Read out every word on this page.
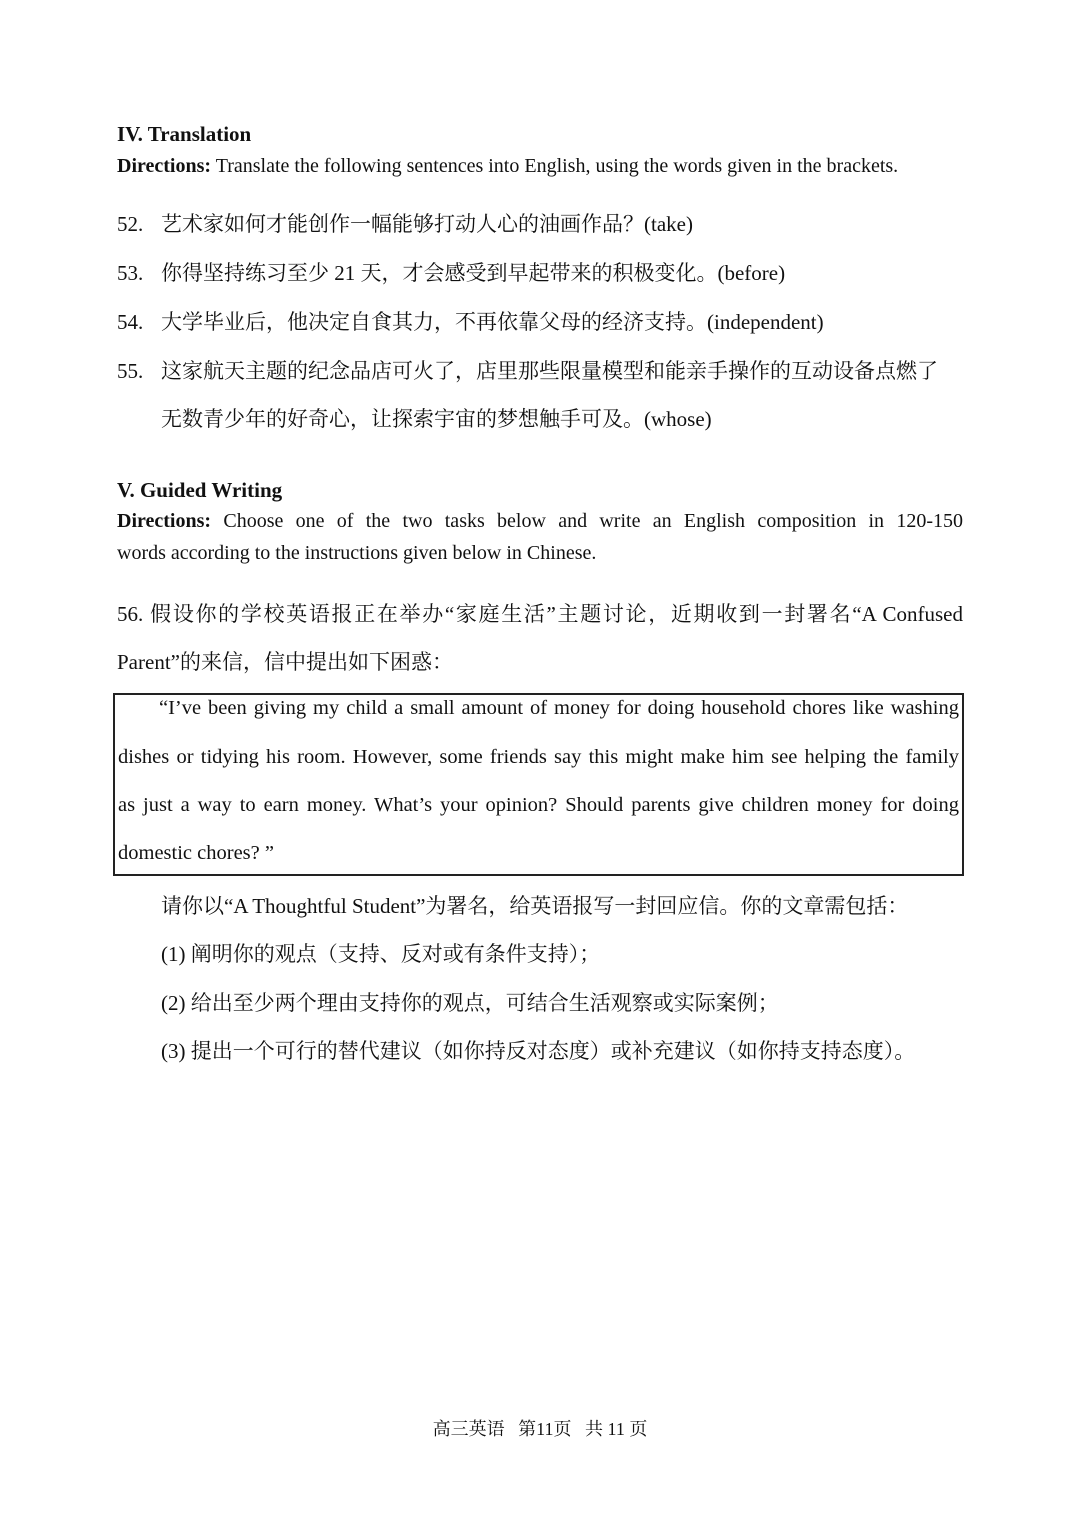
IV. Translation
Directions: Translate the following sentences into English, using the words given in the brackets.
52. 艺术家如何才能创作一幅能够打动人心的油画作品？(take)
53. 你得坚持练习至少 21 天，才会感受到早起带来的积极变化。(before)
54. 大学毕业后，他决定自食其力，不再依靠父母的经济支持。(independent)
55. 这家航天主题的纪念品店可火了，店里那些限量模型和能亲手操作的互动设备点燃了
无数青少年的好奇心，让探索宇宙的梦想触手可及。(whose)
V. Guided Writing
Directions: Choose one of the two tasks below and write an English composition in 120-150
words according to the instructions given below in Chinese.
56. 假设你的学校英语报正在举办“家庭生活”主题讨论，近期收到一封署名“A Confused
Parent”的来信，信中提出如下困惑：
“I’ve been giving my child a small amount of money for doing household chores like washing
dishes or tidying his room. However, some friends say this might make him see helping the family
as just a way to earn money. What’s your opinion? Should parents give children money for doing
domestic chores? ”
请你以“A Thoughtful Student”为署名，给英语报写一封回应信。你的文章需包括：
(1) 阐明你的观点（支持、反对或有条件支持）；
(2) 给出至少两个理由支持你的观点，可结合生活观察或实际案例；
(3) 提出一个可行的替代建议（如你持反对态度）或补充建议（如你持支持态度）。
高三英语   第11页   共 11 页
